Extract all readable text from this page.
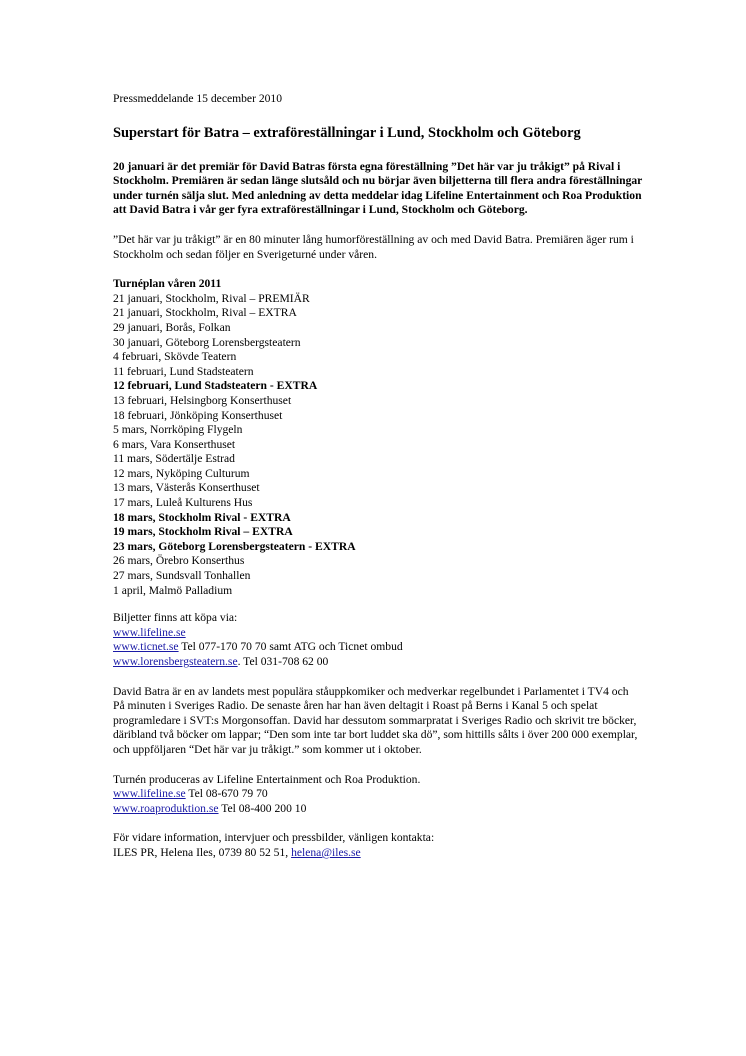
Pressmeddelande 15 december 2010

Superstart för Batra – extraföreställningar i Lund, Stockholm och Göteborg

20 januari är det premiär för David Batras första egna föreställning ”Det här var ju tråkigt” på Rival i Stockholm. Premiären är sedan länge slutsåld och nu börjar även biljetterna till flera andra föreställningar under turnén sälja slut. Med anledning av detta meddelar idag Lifeline Entertainment och Roa Produktion att David Batra i vår ger fyra extraföreställningar i Lund, Stockholm och Göteborg.

”Det här var ju tråkigt” är en 80 minuter lång humorföreställning av och med David Batra. Premiären äger rum i Stockholm och sedan följer en Sverigeturné under våren.

Turnéplan våren 2011
21 januari, Stockholm, Rival – PREMIÄR
21 januari, Stockholm, Rival – EXTRA
29 januari, Borås, Folkan
30 januari, Göteborg Lorensbergsteatern
4 februari, Skövde Teatern
11 februari, Lund Stadsteatern
12 februari, Lund Stadsteatern - EXTRA
13 februari, Helsingborg Konserthuset
18 februari, Jönköping Konserthuset
5 mars, Norrköping Flygeln
6 mars, Vara Konserthuset
11 mars, Södertälje Estrad
12 mars, Nyköping Culturum
13 mars, Västerås Konserthuset
17 mars, Luleå Kulturens Hus
18 mars, Stockholm Rival - EXTRA
19 mars, Stockholm Rival – EXTRA
23 mars, Göteborg Lorensbergsteatern - EXTRA
26 mars, Örebro Konserthus
27 mars, Sundsvall Tonhallen
1 april, Malmö Palladium

Biljetter finns att köpa via:

www.lifeline.se

www.ticnet.se Tel 077-170 70 70 samt ATG och Ticnet ombud

www.lorensbergsteatern.se. Tel 031-708 62 00

David Batra är en av landets mest populära ståuppkomiker och medverkar regelbundet i Parlamentet i TV4 och På minuten i Sveriges Radio. De senaste åren har han även deltagit i Roast på Berns i Kanal 5 och spelat programledare i SVT:s Morgonsoffan. David har dessutom sommarpratat i Sveriges Radio och skrivit tre böcker, däribland två böcker om lappar; “Den som inte tar bort luddet ska dö”, som hittills sålts i över 200 000 exemplar, och uppföljaren “Det här var ju tråkigt.” som kommer ut i oktober.

Turnén produceras av Lifeline Entertainment och Roa Produktion.

www.lifeline.se Tel 08-670 79 70

www.roaproduktion.se Tel 08-400 200 10

För vidare information, intervjuer och pressbilder, vänligen kontakta:

ILES PR, Helena Iles, 0739 80 52 51, helena@iles.se
